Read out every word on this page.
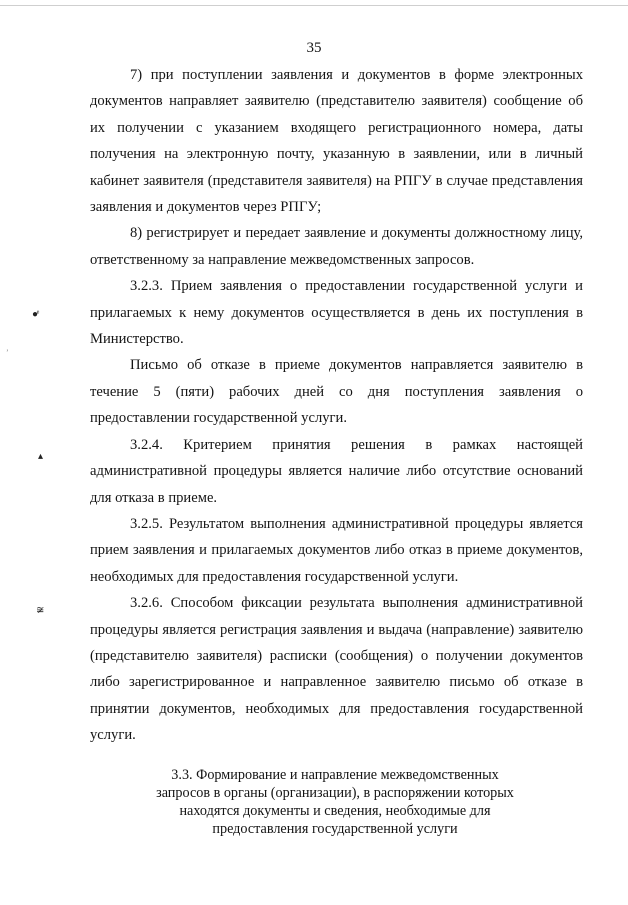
35

7) при поступлении заявления и документов в форме электронных документов направляет заявителю (представителю заявителя) сообщение об их получении с указанием входящего регистрационного номера, даты получения на электронную почту, указанную в заявлении, или в личный кабинет заявителя (представителя заявителя) на РПГУ в случае представления заявления и документов через РПГУ;

8) регистрирует и передает заявление и документы должностному лицу, ответственному за направление межведомственных запросов.

3.2.3. Прием заявления о предоставлении государственной услуги и прилагаемых к нему документов осуществляется в день их поступления в Министерство.

Письмо об отказе в приеме документов направляется заявителю в течение 5 (пяти) рабочих дней со дня поступления заявления о предоставлении государственной услуги.

3.2.4. Критерием принятия решения в рамках настоящей административной процедуры является наличие либо отсутствие оснований для отказа в приеме.

3.2.5. Результатом выполнения административной процедуры является прием заявления и прилагаемых документов либо отказ в приеме документов, необходимых для предоставления государственной услуги.

3.2.6. Способом фиксации результата выполнения административной процедуры является регистрация заявления и выдача (направление) заявителю (представителю заявителя) расписки (сообщения) о получении документов либо зарегистрированное и направленное заявителю письмо об отказе в принятии документов, необходимых для предоставления государственной услуги.

3.3. Формирование и направление межведомственных
запросов в органы (организации), в распоряжении которых
находятся документы и сведения, необходимые для
предоставления государственной услуги
●ͤ
▴
≆
ʼ
